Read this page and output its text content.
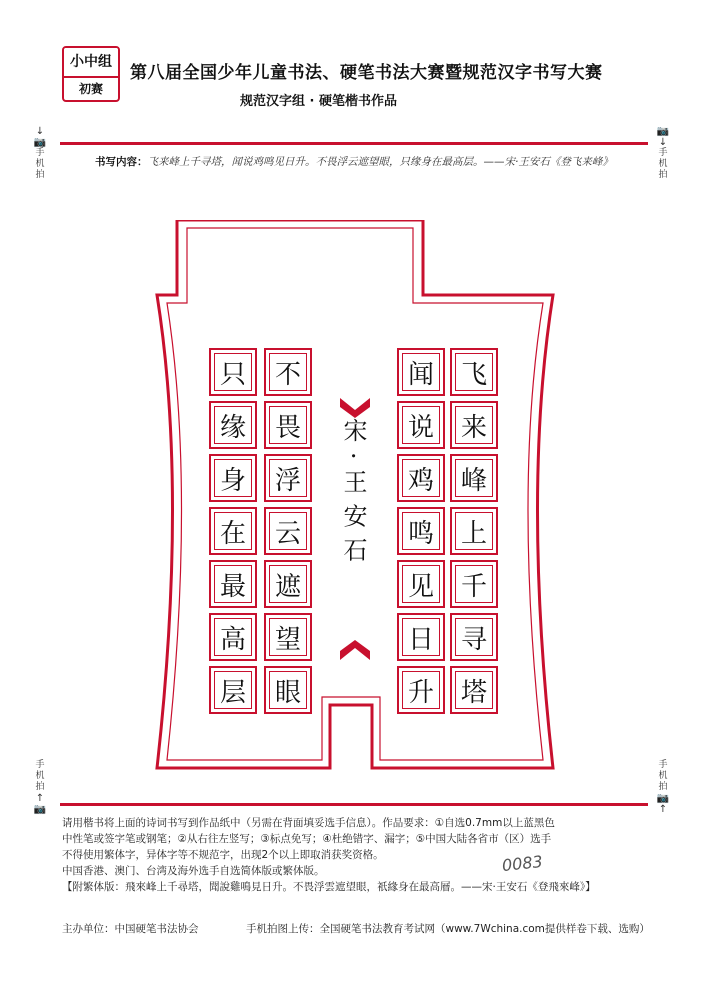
小中组
初赛
第八届全国少年儿童书法、硬笔书法大赛暨规范汉字书写大赛
规范汉字组 · 硬笔楷书作品
↓📷
手机拍
📷↓
手机拍
手机拍
↑📷
手机拍
📷↑
书写内容：飞来峰上千寻塔，闻说鸡鸣见日升。不畏浮云遮望眼，只缘身在最高层。——宋·王安石《登飞来峰》
飞
来
峰
上
千
寻
塔
闻
说
鸡
鸣
见
日
升
不
畏
浮
云
遮
望
眼
只
缘
身
在
最
高
层
宋·王安石
0083

请用楷书将上面的诗词书写到作品纸中（另需在背面填妥选手信息）。作品要求：①自选0.7mm以上蓝黑色

中性笔或签字笔或钢笔；②从右往左竖写；③标点免写；④杜绝错字、漏字；⑤中国大陆各省市（区）选手

不得使用繁体字，异体字等不规范字，出现2个以上即取消获奖资格。

中国香港、澳门、台湾及海外选手自选简体版或繁体版。

【附繁体版：飛來峰上千尋塔，聞說雞鳴見日升。不畏浮雲遮望眼，祇緣身在最高層。——宋·王安石《登飛來峰》】

主办单位：中国硬笔书法协会	手机拍图上传：全国硬笔书法教育考试网（www.7Wchina.com提供样卷下载、选购）
